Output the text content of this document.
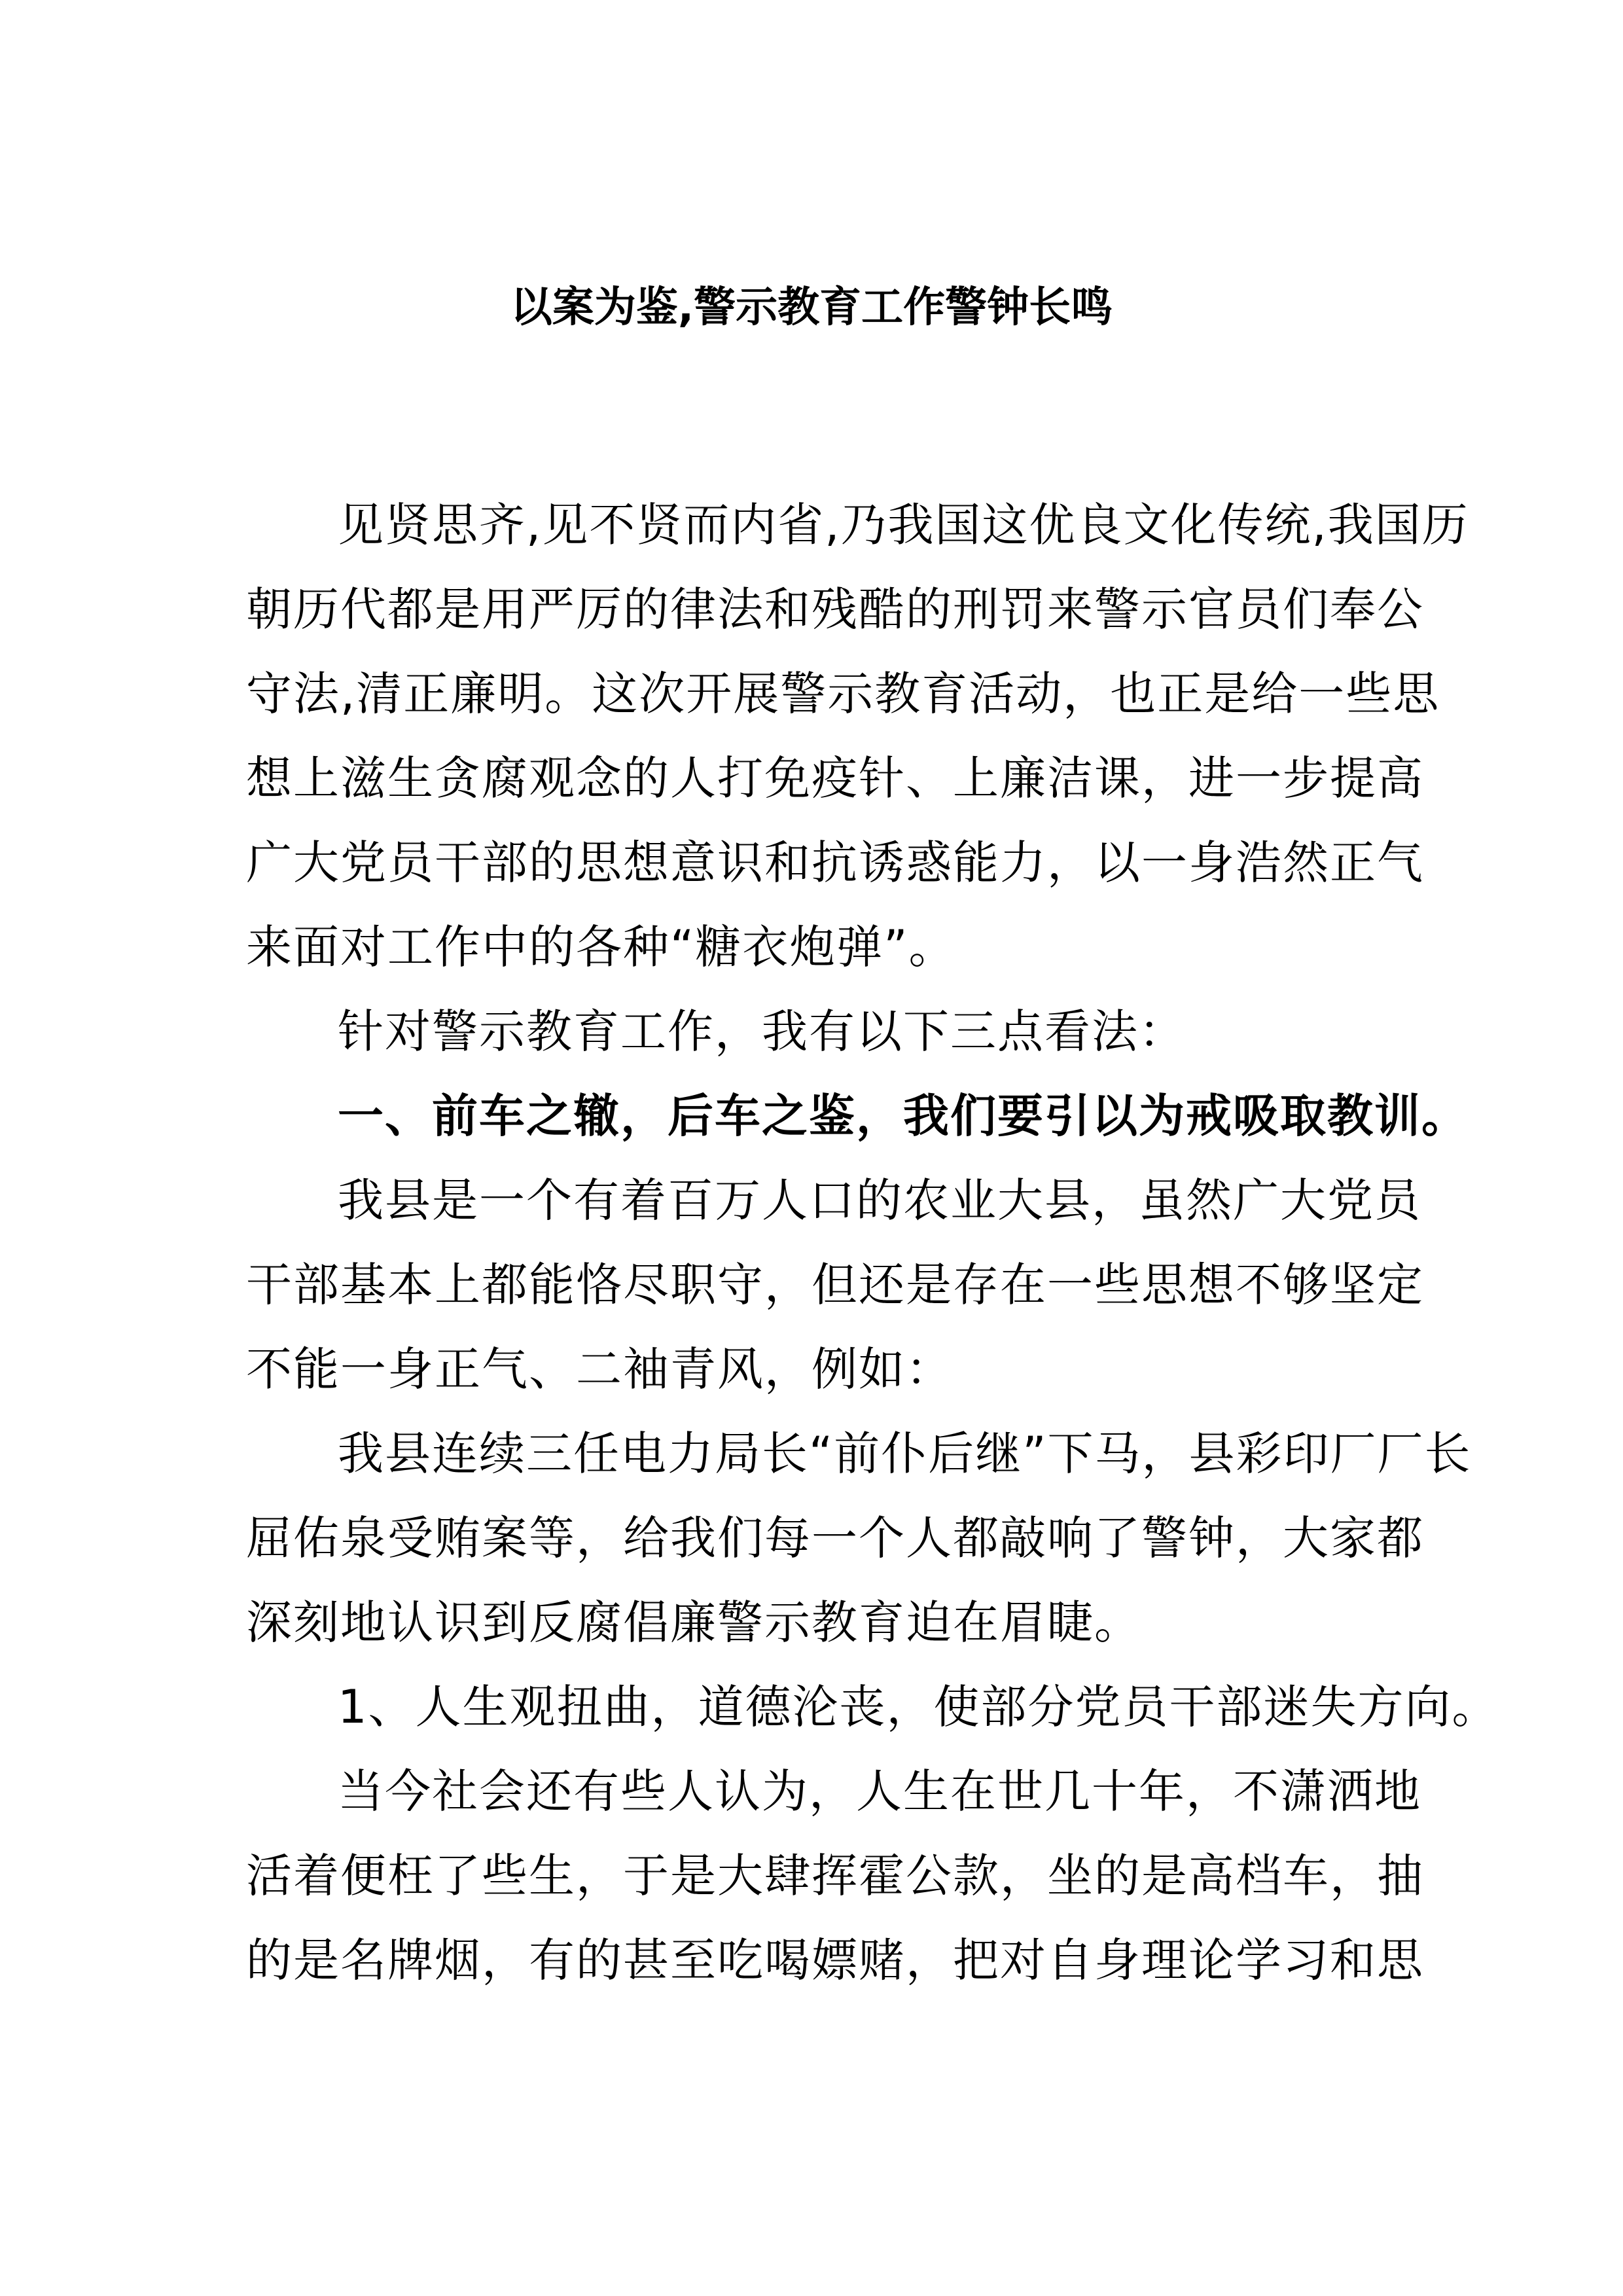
以案为鉴,警示教育工作警钟长鸣
见贤思齐,见不贤而内省,乃我国这优良文化传统,我国历
朝历代都是用严厉的律法和残酷的刑罚来警示官员们奉公
守法,清正廉明。这次开展警示教育活动，也正是给一些思
想上滋生贪腐观念的人打免疫针、上廉洁课，进一步提高
广大党员干部的思想意识和抗诱惑能力，以一身浩然正气
来面对工作中的各种“糖衣炮弹”。
针对警示教育工作，我有以下三点看法：
一、前车之辙，后车之鉴，我们要引以为戒吸取教训。
我县是一个有着百万人口的农业大县，虽然广大党员
干部基本上都能恪尽职守，但还是存在一些思想不够坚定
不能一身正气、二袖青风，例如：
我县连续三任电力局长“前仆后继”下马，县彩印厂厂长
屈佑泉受贿案等，给我们每一个人都敲响了警钟，大家都
深刻地认识到反腐倡廉警示教育迫在眉睫。
1、人生观扭曲，道德沦丧，使部分党员干部迷失方向。
当今社会还有些人认为，人生在世几十年，不潇洒地
活着便枉了些生，于是大肆挥霍公款，坐的是高档车，抽
的是名牌烟，有的甚至吃喝嫖赌，把对自身理论学习和思
